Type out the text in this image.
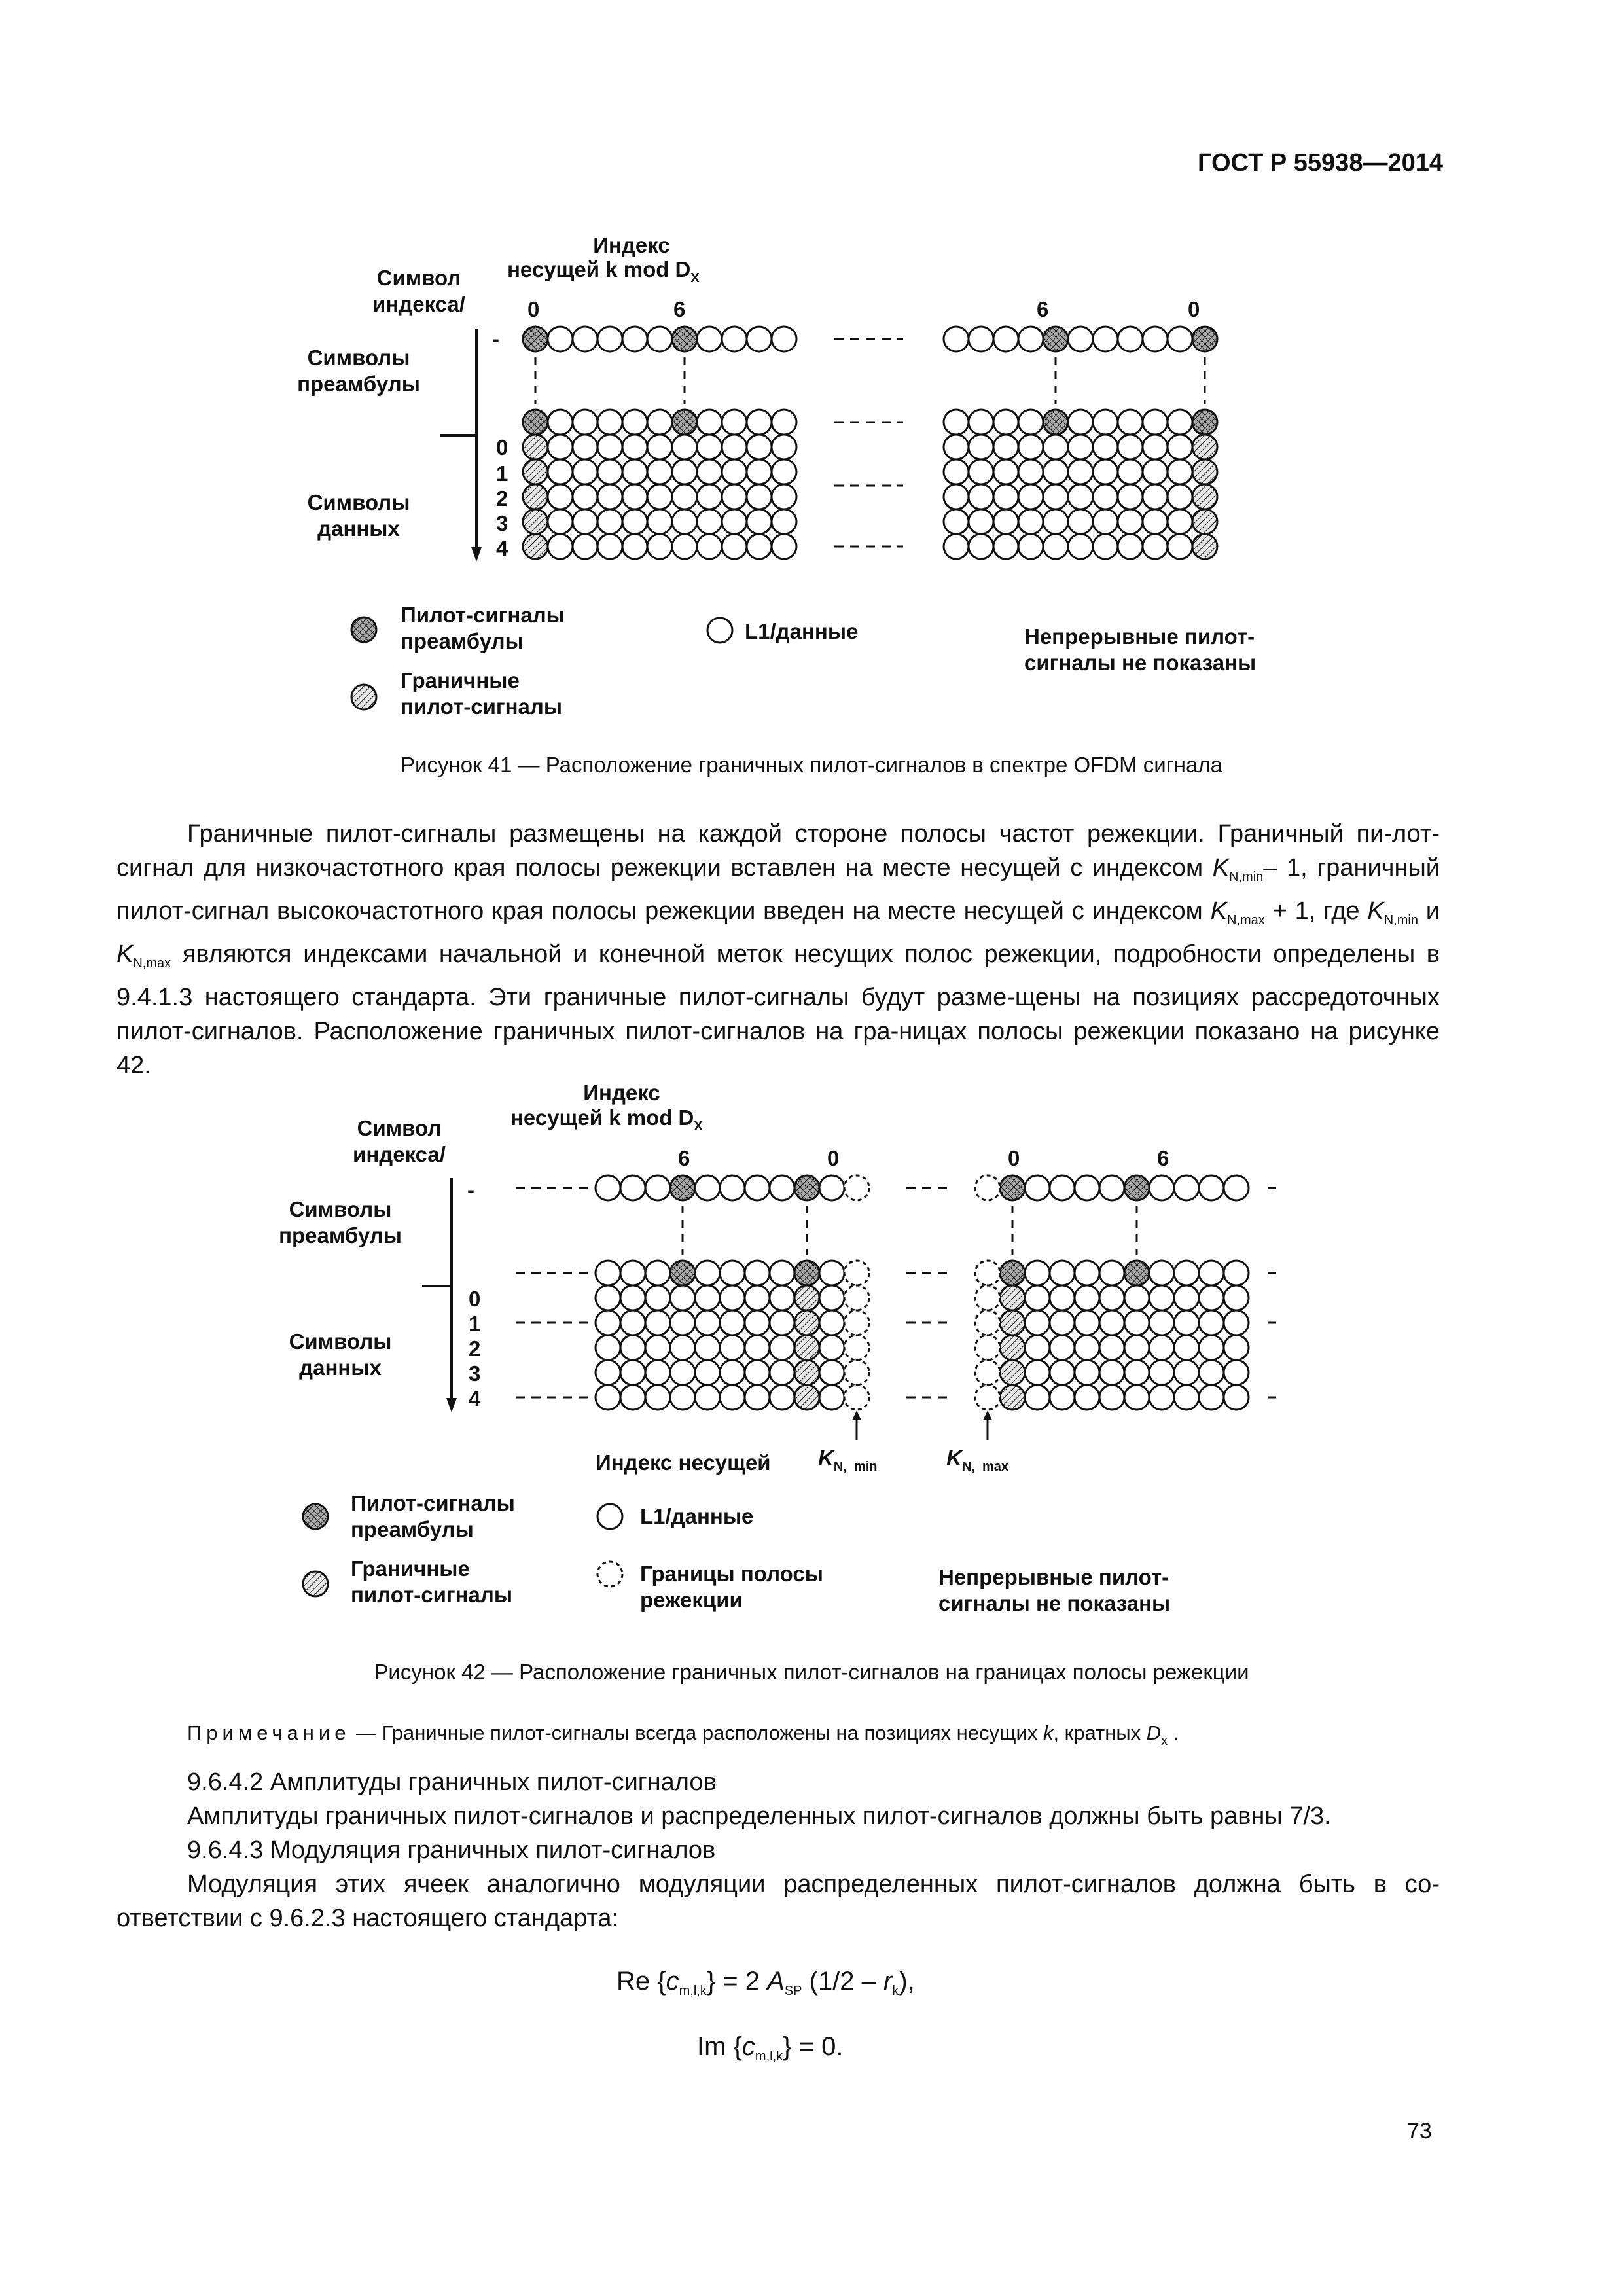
ГОСТ Р 55938—2014
Индекс
несущей k mod $D_X$
Символ
индекса/
Символы
преамбулы
Символы
данных
-
0
1
2
3
4
0	6	6	0
Пилот-сигналы
преамбулы
Граничные
пилот-сигналы
L1/данные	Непрерывные пилот-
сигналы не показаны
Рисунок 41 — Расположение граничных пилот-сигналов в спектре OFDM сигнала
Граничные пилот-сигналы размещены на каждой стороне полосы частот режекции. Граничный пи-лот-сигнал для низкочастотного края полосы режекции вставлен на месте несущей с индексом $K_{N,min}-$ 1, граничный пилот-сигнал высокочастотного края полосы режекции введен на месте несущей с индексом $K_{N,max} + 1$, где $K_{N,min}$ и $K_{N,max}$ являются индексами начальной и конечной меток несущих полос режекции, подробности определены в 9.4.1.3 настоящего стандарта. Эти граничные пилот-сигналы будут разме-щены на позициях рассредоточных пилот-сигналов. Расположение граничных пилот-сигналов на гра-ницах полосы режекции показано на рисунке 42.
Индекс
несущей k mod $D_X$
Символ
индекса/
Символы
преамбулы
Символы
данных
-
0
1
2
3
4
6	0	0	6
Индекс несущей $K_{N, min}$	$K_{N, max}$
Пилот-сигналы
преамбулы
Граничные
пилот-сигналы
L1/данные
Границы полосы
режекции
Непрерывные пилот-
сигналы не показаны
Рисунок 42 — Расположение граничных пилот-сигналов на границах полосы режекции
Примечание — Граничные пилот-сигналы всегда расположены на позициях несущих k, кратных $D_x$ .
9.6.4.2 Амплитуды граничных пилот-сигналов
Амплитуды граничных пилот-сигналов и распределенных пилот-сигналов должны быть равны 7/3.
9.6.4.3 Модуляция граничных пилот-сигналов
Модуляция этих ячеек аналогично модуляции распределенных пилот-сигналов должна быть в со-ответствии с 9.6.2.3 настоящего стандарта:
Re $\{c_{m,l,k}\} = 2$ $A_{SP}$ $(1/2 - r_k)$,
Im $\{c_{m,l,k}\} = 0$.
73
